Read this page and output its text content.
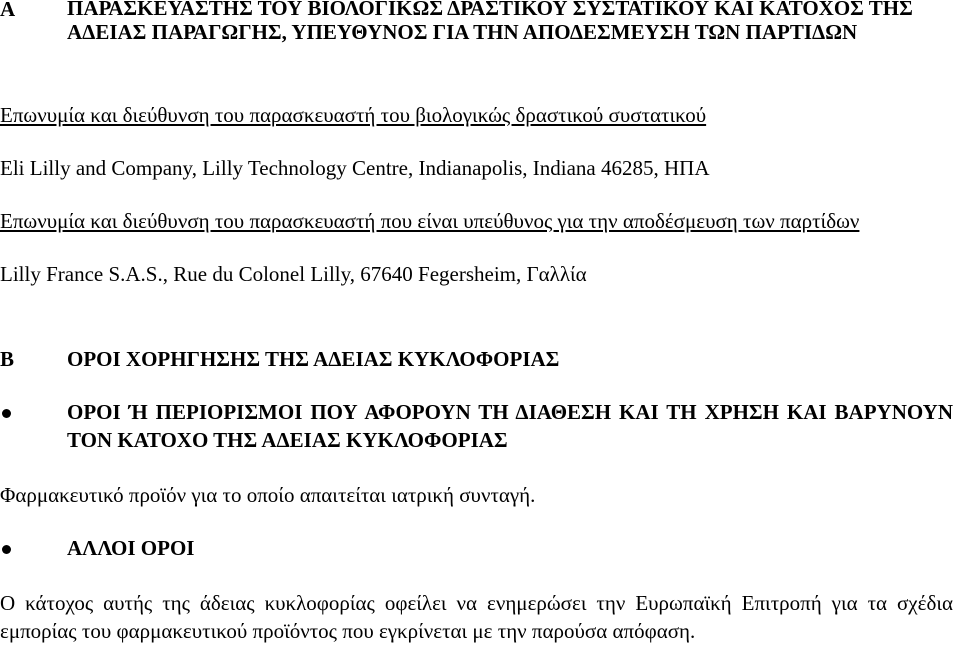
A ΠΑΡΑΣΚΕΥΑΣΤΗΣ ΤΟΥ ΒΙΟΛΟΓΙΚΩΣ ΔΡΑΣΤΙΚΟΥ ΣΥΣΤΑΤΙΚΟΥ ΚΑΙ ΚΑΤΟΧΟΣ ΤΗΣ ΑΔΕΙΑΣ ΠΑΡΑΓΩΓΗΣ, ΥΠΕΥΘΥΝΟΣ ΓΙΑ ΤΗΝ ΑΠΟΔΕΣΜΕΥΣΗ ΤΩΝ ΠΑΡΤΙΔΩΝ
Επωνυμία και διεύθυνση του παρασκευαστή του βιολογικώς δραστικού συστατικού
Eli Lilly and Company, Lilly Technology Centre, Indianapolis, Indiana 46285, ΗΠΑ
Επωνυμία και διεύθυνση του παρασκευαστή που είναι υπεύθυνος για την αποδέσμευση των παρτίδων
Lilly France S.A.S., Rue du Colonel Lilly, 67640 Fegersheim, Γαλλία
B	ΟΡΟΙ ΧΟΡΗΓΗΣΗΣ ΤΗΣ ΑΔΕΙΑΣ ΚΥΚΛΟΦΟΡΙΑΣ
ΟΡΟΙ Ή ΠΕΡΙΟΡΙΣΜΟΙ ΠΟΥ ΑΦΟΡΟΥΝ ΤΗ ΔΙΑΘΕΣΗ ΚΑΙ ΤΗ ΧΡΗΣΗ ΚΑΙ ΒΑΡΥΝΟΥΝ ΤΟΝ ΚΑΤΟΧΟ ΤΗΣ ΑΔΕΙΑΣ ΚΥΚΛΟΦΟΡΙΑΣ
Φαρμακευτικό προϊόν για το οποίο απαιτείται ιατρική συνταγή.
ΑΛΛΟΙ ΟΡΟΙ
Ο κάτοχος αυτής της άδειας κυκλοφορίας οφείλει να ενημερώσει την Ευρωπαϊκή Επιτροπή για τα σχέδια εμπορίας του φαρμακευτικού προϊόντος που εγκρίνεται με την παρούσα απόφαση.
